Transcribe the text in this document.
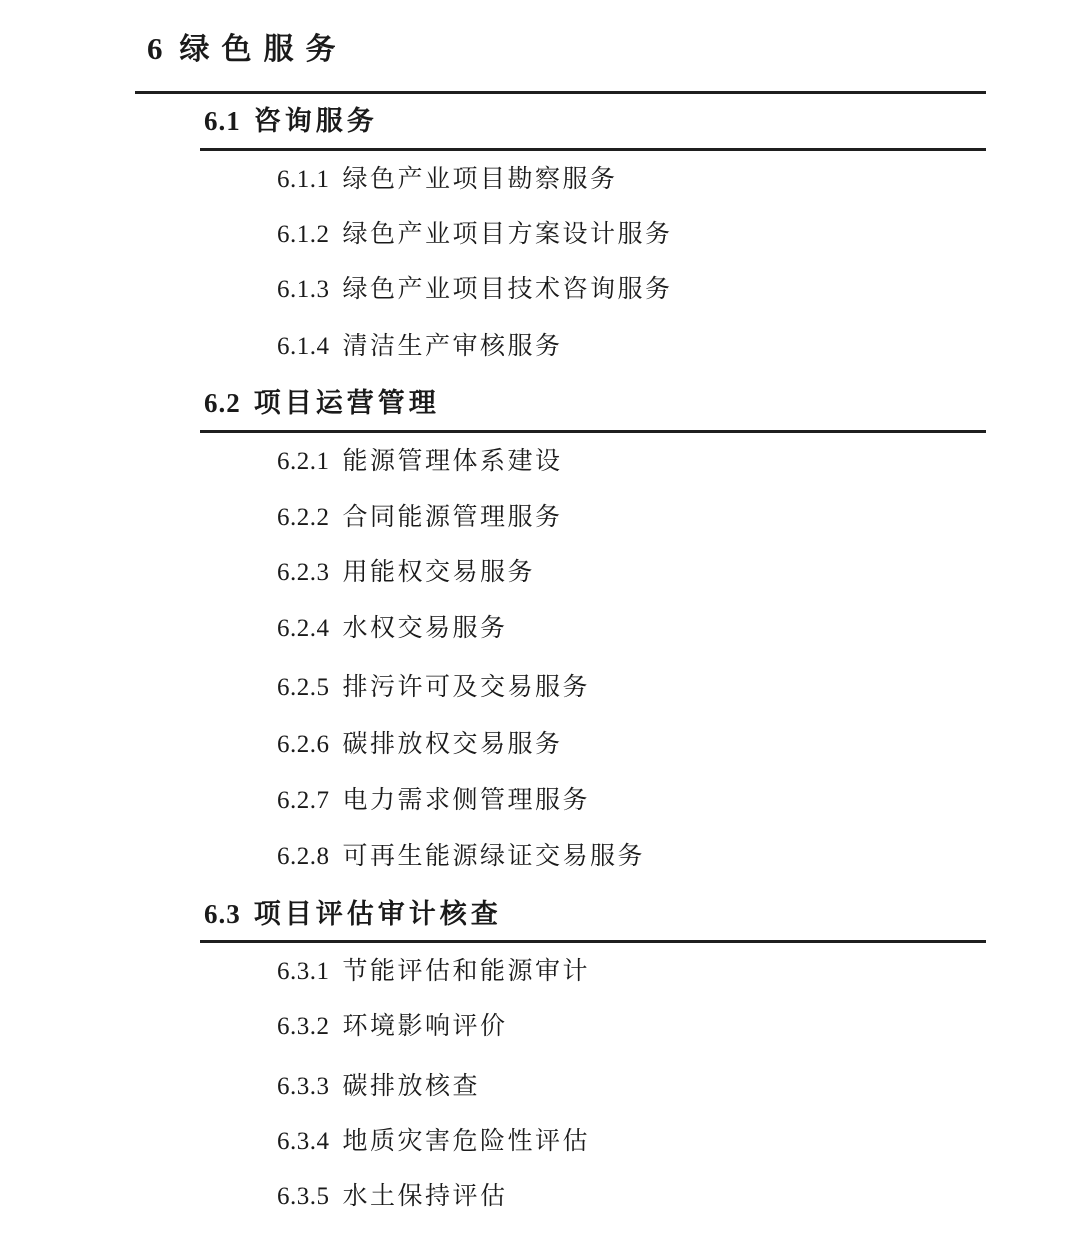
6 绿色服务
6.1 咨询服务
6.1.1 绿色产业项目勘察服务
6.1.2 绿色产业项目方案设计服务
6.1.3 绿色产业项目技术咨询服务
6.1.4 清洁生产审核服务
6.2 项目运营管理
6.2.1 能源管理体系建设
6.2.2 合同能源管理服务
6.2.3 用能权交易服务
6.2.4 水权交易服务
6.2.5 排污许可及交易服务
6.2.6 碳排放权交易服务
6.2.7 电力需求侧管理服务
6.2.8 可再生能源绿证交易服务
6.3 项目评估审计核查
6.3.1 节能评估和能源审计
6.3.2 环境影响评价
6.3.3 碳排放核查
6.3.4 地质灾害危险性评估
6.3.5 水土保持评估
